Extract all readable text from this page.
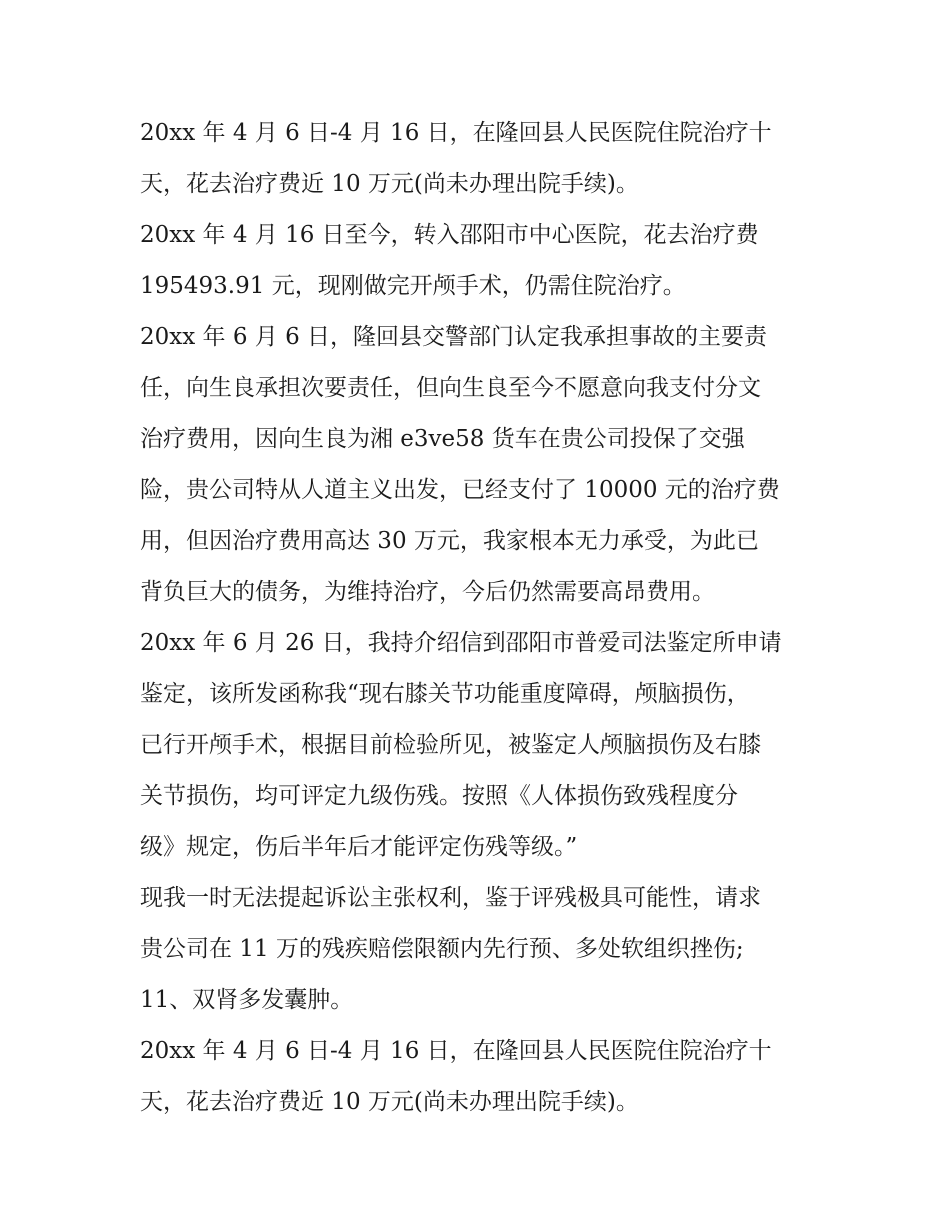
20xx 年 4 月 6 日-4 月 16 日，在隆回县人民医院住院治疗十
天，花去治疗费近 10 万元(尚未办理出院手续)。
20xx 年 4 月 16 日至今，转入邵阳市中心医院，花去治疗费
195493.91 元，现刚做完开颅手术，仍需住院治疗。
20xx 年 6 月 6 日，隆回县交警部门认定我承担事故的主要责
任，向生良承担次要责任，但向生良至今不愿意向我支付分文
治疗费用，因向生良为湘 e3ve58 货车在贵公司投保了交强
险，贵公司特从人道主义出发，已经支付了 10000 元的治疗费
用，但因治疗费用高达 30 万元，我家根本无力承受，为此已
背负巨大的债务，为维持治疗，今后仍然需要高昂费用。
20xx 年 6 月 26 日，我持介绍信到邵阳市普爱司法鉴定所申请
鉴定，该所发函称我“现右膝关节功能重度障碍，颅脑损伤，
已行开颅手术，根据目前检验所见，被鉴定人颅脑损伤及右膝
关节损伤，均可评定九级伤残。按照《人体损伤致残程度分
级》规定，伤后半年后才能评定伤残等级。”
现我一时无法提起诉讼主张权利，鉴于评残极具可能性，请求
贵公司在 11 万的残疾赔偿限额内先行预、多处软组织挫伤;
11、双肾多发囊肿。
20xx 年 4 月 6 日-4 月 16 日，在隆回县人民医院住院治疗十
天，花去治疗费近 10 万元(尚未办理出院手续)。
